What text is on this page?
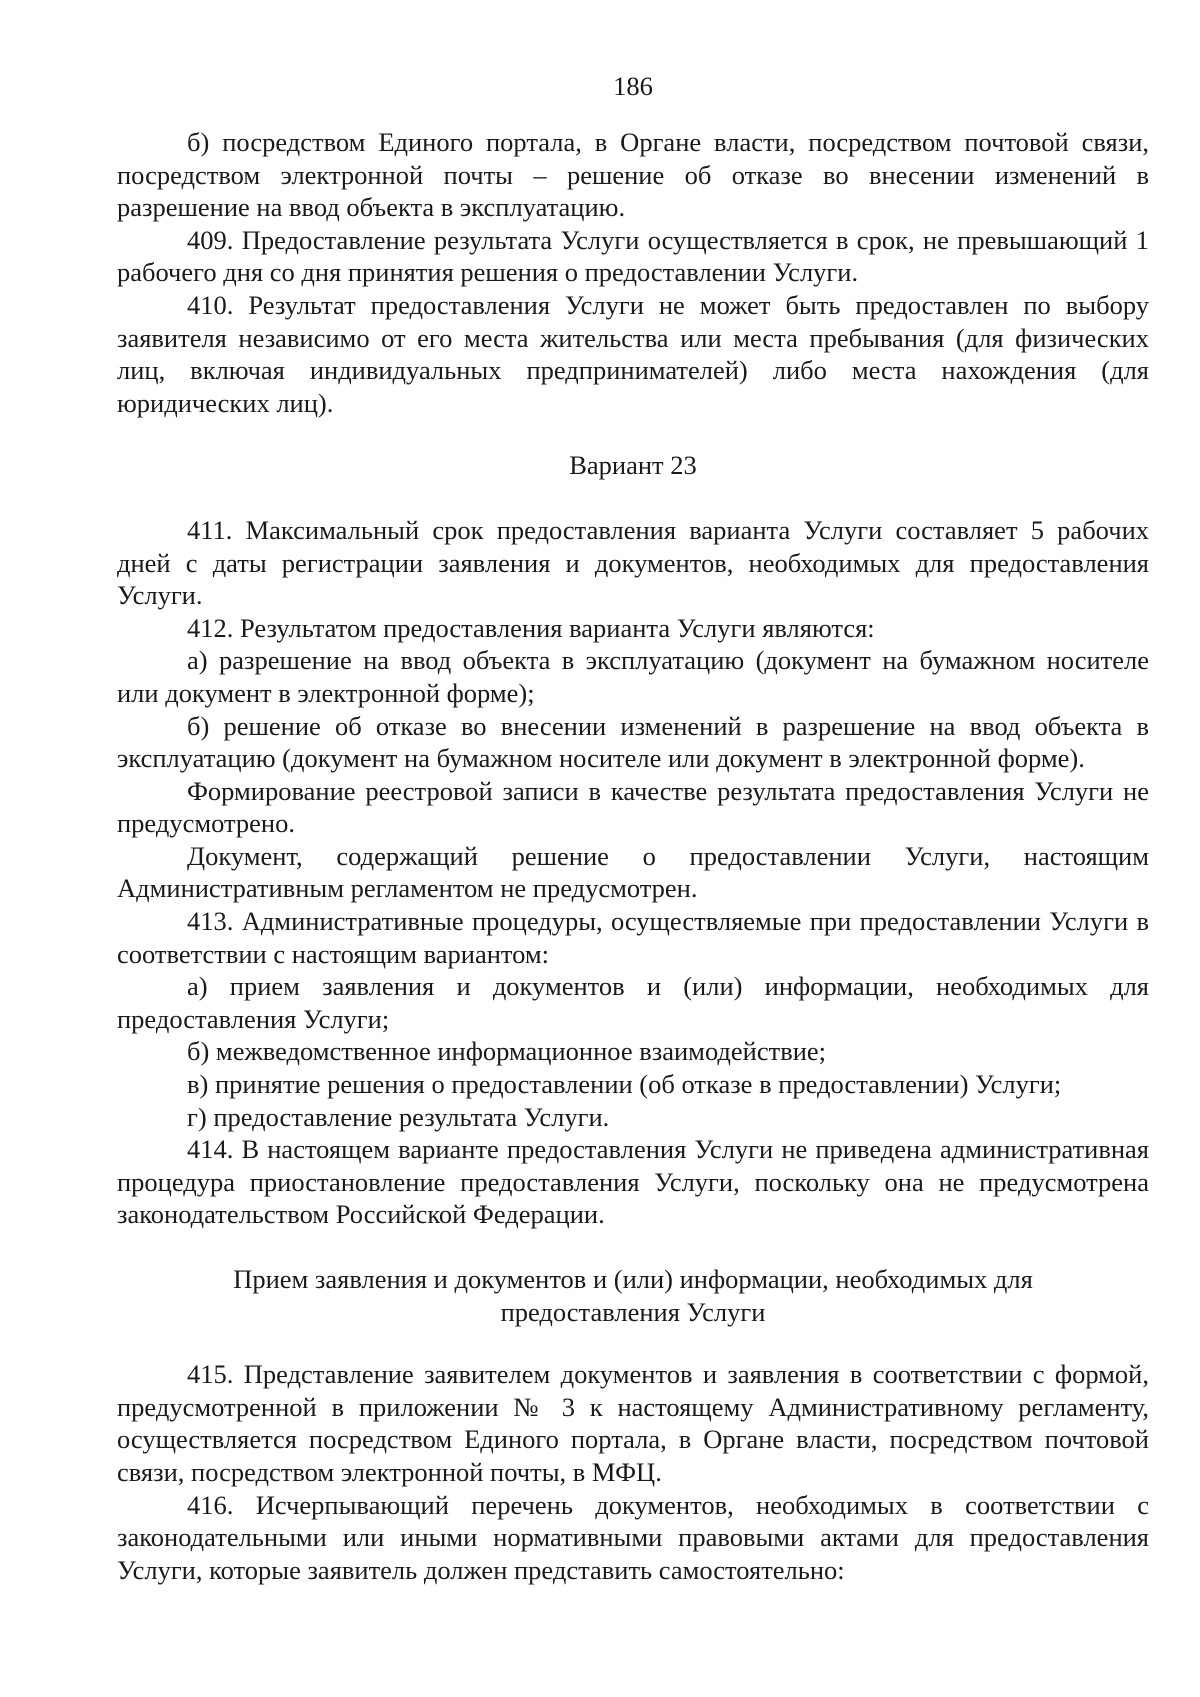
186

б) посредством Единого портала, в Органе власти, посредством почтовой связи, посредством электронной почты – решение об отказе во внесении изменений в разрешение на ввод объекта в эксплуатацию.

409. Предоставление результата Услуги осуществляется в срок, не превышающий 1 рабочего дня со дня принятия решения о предоставлении Услуги.

410. Результат предоставления Услуги не может быть предоставлен по выбору заявителя независимо от его места жительства или места пребывания (для физических лиц, включая индивидуальных предпринимателей) либо места нахождения (для юридических лиц).

Вариант 23

411. Максимальный срок предоставления варианта Услуги составляет 5 рабочих дней с даты регистрации заявления и документов, необходимых для предоставления Услуги.

412. Результатом предоставления варианта Услуги являются:

а) разрешение на ввод объекта в эксплуатацию (документ на бумажном носителе или документ в электронной форме);

б) решение об отказе во внесении изменений в разрешение на ввод объекта в эксплуатацию (документ на бумажном носителе или документ в электронной форме).

Формирование реестровой записи в качестве результата предоставления Услуги не предусмотрено.

Документ, содержащий решение о предоставлении Услуги, настоящим Административным регламентом не предусмотрен.

413. Административные процедуры, осуществляемые при предоставлении Услуги в соответствии с настоящим вариантом:

а) прием заявления и документов и (или) информации, необходимых для предоставления Услуги;

б) межведомственное информационное взаимодействие;

в) принятие решения о предоставлении (об отказе в предоставлении) Услуги;

г) предоставление результата Услуги.

414. В настоящем варианте предоставления Услуги не приведена административная процедура приостановление предоставления Услуги, поскольку она не предусмотрена законодательством Российской Федерации.

Прием заявления и документов и (или) информации, необходимых для
предоставления Услуги

415. Представление заявителем документов и заявления в соответствии с формой, предусмотренной в приложении № 3 к настоящему Административному регламенту, осуществляется посредством Единого портала, в Органе власти, посредством почтовой связи, посредством электронной почты, в МФЦ.

416. Исчерпывающий перечень документов, необходимых в соответствии с законодательными или иными нормативными правовыми актами для предоставления Услуги, которые заявитель должен представить самостоятельно:
